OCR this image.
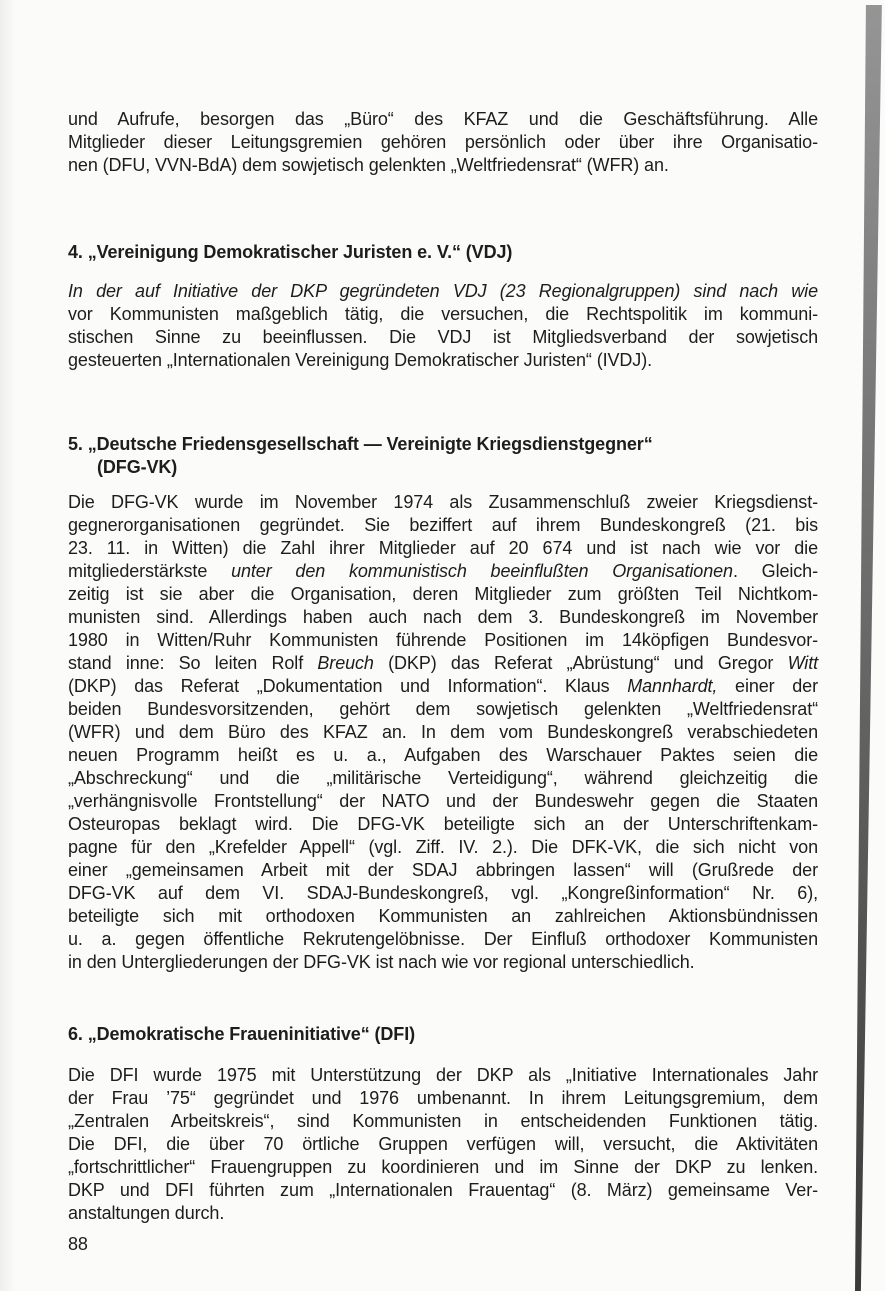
und Aufrufe, besorgen das „Büro“ des KFAZ und die Geschäftsführung. Alle
Mitglieder dieser Leitungsgremien gehören persönlich oder über ihre Organisatio-
nen (DFU, VVN-BdA) dem sowjetisch gelenkten „Weltfriedensrat“ (WFR) an.
4. „Vereinigung Demokratischer Juristen e. V.“ (VDJ)
In der auf Initiative der DKP gegründeten VDJ (23 Regionalgruppen) sind nach wie
vor Kommunisten maßgeblich tätig, die versuchen, die Rechtspolitik im kommuni-
stischen Sinne zu beeinflussen. Die VDJ ist Mitgliedsverband der sowjetisch
gesteuerten „Internationalen Vereinigung Demokratischer Juristen“ (IVDJ).
5. „Deutsche Friedensgesellschaft — Vereinigte Kriegsdienstgegner“
(DFG-VK)
Die DFG-VK wurde im November 1974 als Zusammenschluß zweier Kriegsdienst-
gegnerorganisationen gegründet. Sie beziffert auf ihrem Bundeskongreß (21. bis
23. 11. in Witten) die Zahl ihrer Mitglieder auf 20 674 und ist nach wie vor die
mitgliederstärkste unter den kommunistisch beeinflußten Organisationen. Gleich-
zeitig ist sie aber die Organisation, deren Mitglieder zum größten Teil Nichtkom-
munisten sind. Allerdings haben auch nach dem 3. Bundeskongreß im November
1980 in Witten/Ruhr Kommunisten führende Positionen im 14köpfigen Bundesvor-
stand inne: So leiten Rolf Breuch (DKP) das Referat „Abrüstung“ und Gregor Witt
(DKP) das Referat „Dokumentation und Information“. Klaus Mannhardt, einer der
beiden Bundesvorsitzenden, gehört dem sowjetisch gelenkten „Weltfriedensrat“
(WFR) und dem Büro des KFAZ an. In dem vom Bundeskongreß verabschiedeten
neuen Programm heißt es u. a., Aufgaben des Warschauer Paktes seien die
„Abschreckung“ und die „militärische Verteidigung“, während gleichzeitig die
„verhängnisvolle Frontstellung“ der NATO und der Bundeswehr gegen die Staaten
Osteuropas beklagt wird. Die DFG-VK beteiligte sich an der Unterschriftenkam-
pagne für den „Krefelder Appell“ (vgl. Ziff. IV. 2.). Die DFK-VK, die sich nicht von
einer „gemeinsamen Arbeit mit der SDAJ abbringen lassen“ will (Grußrede der
DFG-VK auf dem VI. SDAJ-Bundeskongreß, vgl. „Kongreßinformation“ Nr. 6),
beteiligte sich mit orthodoxen Kommunisten an zahlreichen Aktionsbündnissen
u. a. gegen öffentliche Rekrutengelöbnisse. Der Einfluß orthodoxer Kommunisten
in den Untergliederungen der DFG-VK ist nach wie vor regional unterschiedlich.
6. „Demokratische Fraueninitiative“ (DFI)
Die DFI wurde 1975 mit Unterstützung der DKP als „Initiative Internationales Jahr
der Frau ’75“ gegründet und 1976 umbenannt. In ihrem Leitungsgremium, dem
„Zentralen Arbeitskreis“, sind Kommunisten in entscheidenden Funktionen tätig.
Die DFI, die über 70 örtliche Gruppen verfügen will, versucht, die Aktivitäten
„fortschrittlicher“ Frauengruppen zu koordinieren und im Sinne der DKP zu lenken.
DKP und DFI führten zum „Internationalen Frauentag“ (8. März) gemeinsame Ver-
anstaltungen durch.
88
